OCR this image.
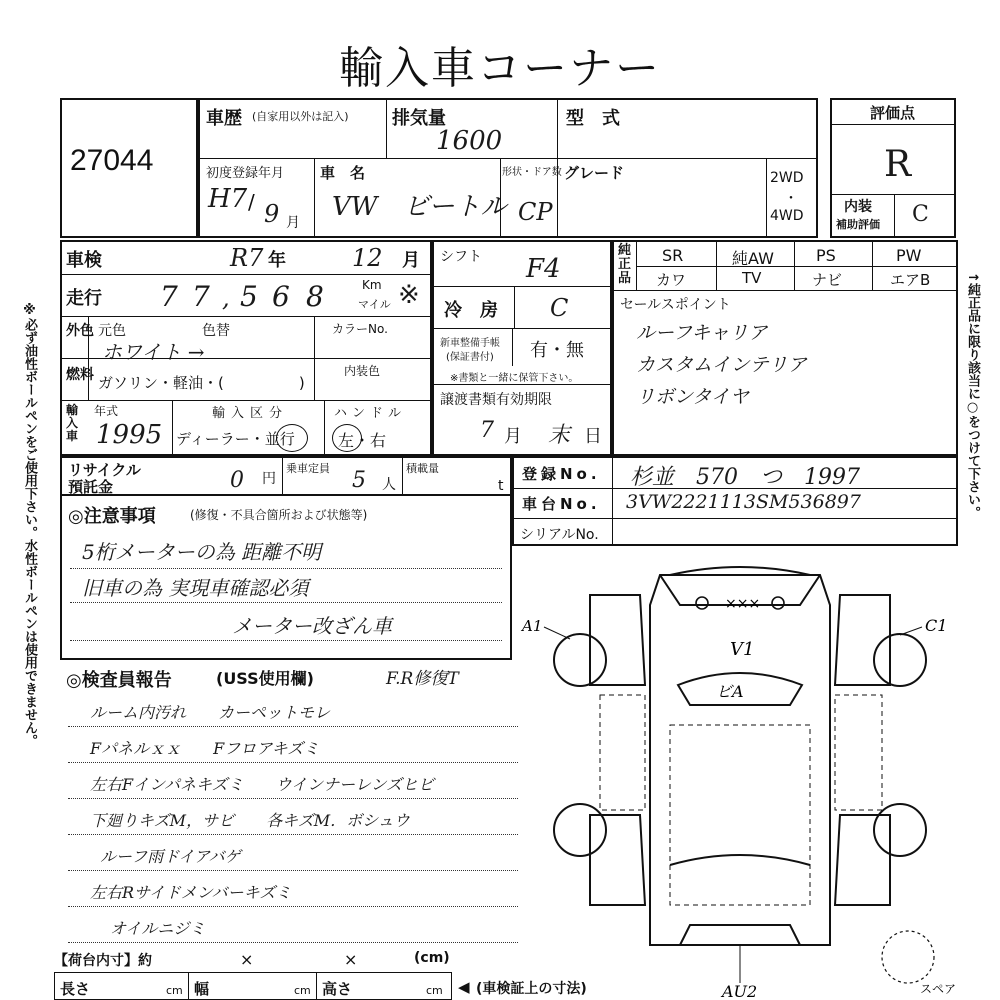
輸入車コーナー
※必ず油性ボールペンをご使用下さい。水性ボールペンは使用できません。	↑純正品に限り該当に○をつけて下さい。
27044
車歴 (自家用以外は記入) 排気量
1600
型　式
初度登録年月
H7 / 9 月
車　名
VW　ビートル
形状・ドア数
CP
グレード	2WD
・
4WD
評価点
R
内装
補助評価 C
車検	R7 年	12 月
走行 7 7 , 5 6 8	Km
マイル ※
外色 元色	色替	カラーNo.
ホワイト →
燃料 ガソリン・軽油・(　　　　　)
内装色
輸入車
年式
1995
輸入区分
ディーラー・並行
ハンドル
左・右
シフト F4
冷　房 C
新車整備手帳
(保証書付) 有・無
※書類と一緒に保管下さい。
譲渡書類有効期限
7 月 末 日
純正品
SR	純AW	PS	PW
カワ	TV	ナビ	エアB
セールスポイント
ルーフキャリア
カスタムインテリア
リボンタイヤ
リサイクル
預託金	0 円
乗車定員 5 人
積載量
t
登録No. 杉並　570　つ　1997
車台No. 3VW2221113SM536897
シリアルNo.
◎注意事項	(修復・不具合箇所および状態等)
5桁メーターの為 距離不明
旧車の為 実現車確認必須
メーター改ざん車
◎検査員報告	(USS使用欄)	F.R修復T
ルーム内汚れ　　カーペットモレ
Fパネルｘｘ　　Fフロアキズミ
左右Fインパネキズミ　　ウインナーレンズヒビ
下廻りキズM，サビ　　各キズM．ボシュウ
ルーフ雨ドイアバゲ
左右Rサイドメンバーキズミ
オイルニジミ
×××
A1	C1
V1
ビA
AU2	スペア
【荷台内寸】約	×	×	(cm)
長さ	cm 幅	cm 高さ	cm ◀ (車検証上の寸法)
